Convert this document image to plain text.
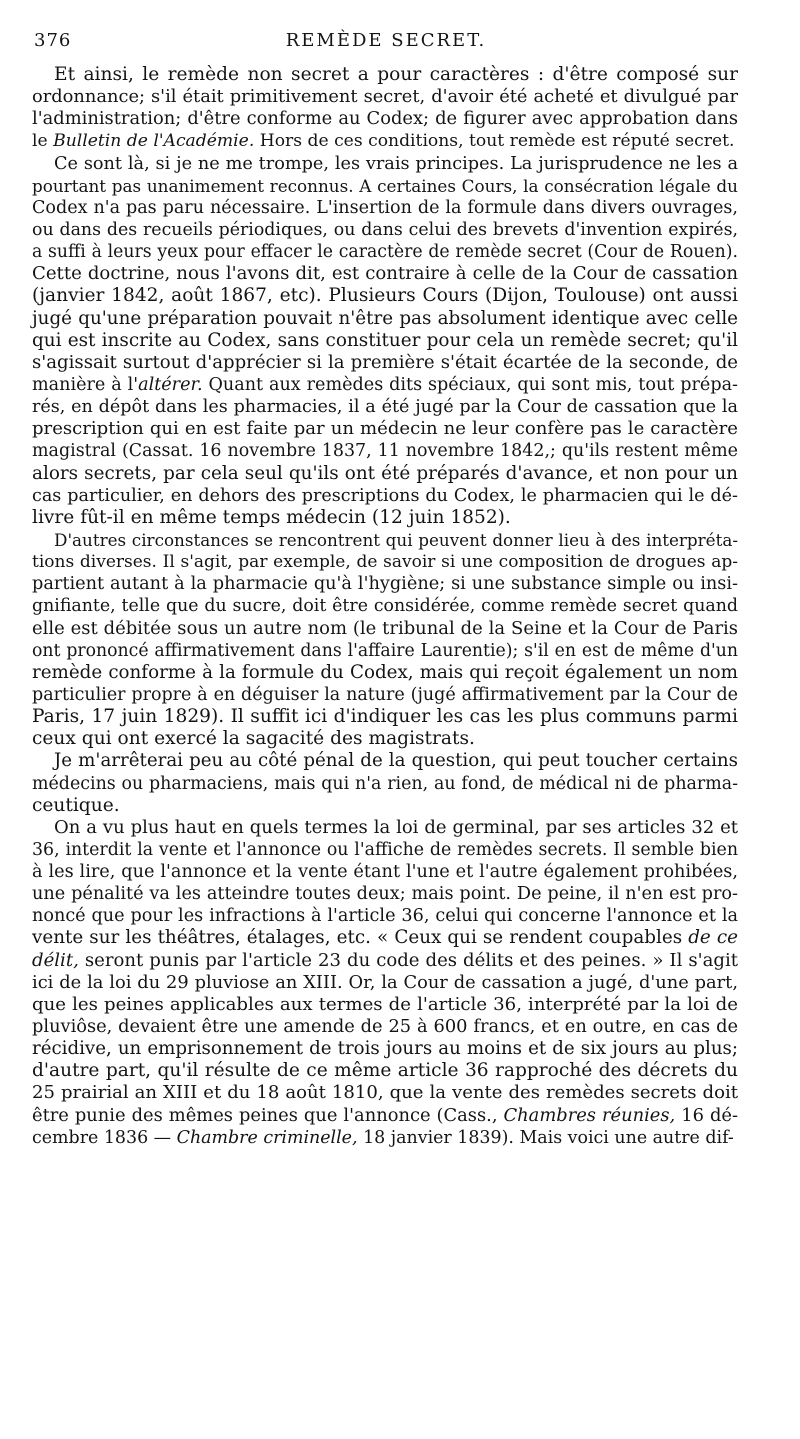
376	REMÈDE SECRET.
Et ainsi, le remède non secret a pour caractères : d'être composé sur
ordonnance; s'il était primitivement secret, d'avoir été acheté et divulgué par
l'administration; d'être conforme au Codex; de figurer avec approbation dans
le Bulletin de l'Académie. Hors de ces conditions, tout remède est réputé secret.
Ce sont là, si je ne me trompe, les vrais principes. La jurisprudence ne les a
pourtant pas unanimement reconnus. A certaines Cours, la consécration légale du
Codex n'a pas paru nécessaire. L'insertion de la formule dans divers ouvrages,
ou dans des recueils périodiques, ou dans celui des brevets d'invention expirés,
a suffi à leurs yeux pour effacer le caractère de remède secret (Cour de Rouen).
Cette doctrine, nous l'avons dit, est contraire à celle de la Cour de cassation
(janvier 1842, août 1867, etc). Plusieurs Cours (Dijon, Toulouse) ont aussi
jugé qu'une préparation pouvait n'être pas absolument identique avec celle
qui est inscrite au Codex, sans constituer pour cela un remède secret; qu'il
s'agissait surtout d'apprécier si la première s'était écartée de la seconde, de
manière à l'altérer. Quant aux remèdes dits spéciaux, qui sont mis, tout prépa-
rés, en dépôt dans les pharmacies, il a été jugé par la Cour de cassation que la
prescription qui en est faite par un médecin ne leur confère pas le caractère
magistral (Cassat. 16 novembre 1837, 11 novembre 1842,; qu'ils restent même
alors secrets, par cela seul qu'ils ont été préparés d'avance, et non pour un
cas particulier, en dehors des prescriptions du Codex, le pharmacien qui le dé-
livre fût-il en même temps médecin (12 juin 1852).
D'autres circonstances se rencontrent qui peuvent donner lieu à des interpréta-
tions diverses. Il s'agit, par exemple, de savoir si une composition de drogues ap-
partient autant à la pharmacie qu'à l'hygiène; si une substance simple ou insi-
gnifiante, telle que du sucre, doit être considérée, comme remède secret quand
elle est débitée sous un autre nom (le tribunal de la Seine et la Cour de Paris
ont prononcé affirmativement dans l'affaire Laurentie); s'il en est de même d'un
remède conforme à la formule du Codex, mais qui reçoit également un nom
particulier propre à en déguiser la nature (jugé affirmativement par la Cour de
Paris, 17 juin 1829). Il suffit ici d'indiquer les cas les plus communs parmi
ceux qui ont exercé la sagacité des magistrats.
Je m'arrêterai peu au côté pénal de la question, qui peut toucher certains
médecins ou pharmaciens, mais qui n'a rien, au fond, de médical ni de pharma-
ceutique.
On a vu plus haut en quels termes la loi de germinal, par ses articles 32 et
36, interdit la vente et l'annonce ou l'affiche de remèdes secrets. Il semble bien
à les lire, que l'annonce et la vente étant l'une et l'autre également prohibées,
une pénalité va les atteindre toutes deux; mais point. De peine, il n'en est pro-
noncé que pour les infractions à l'article 36, celui qui concerne l'annonce et la
vente sur les théâtres, étalages, etc. « Ceux qui se rendent coupables de ce
délit, seront punis par l'article 23 du code des délits et des peines. » Il s'agit
ici de la loi du 29 pluviose an XIII. Or, la Cour de cassation a jugé, d'une part,
que les peines applicables aux termes de l'article 36, interprété par la loi de
pluviôse, devaient être une amende de 25 à 600 francs, et en outre, en cas de
récidive, un emprisonnement de trois jours au moins et de six jours au plus;
d'autre part, qu'il résulte de ce même article 36 rapproché des décrets du
25 prairial an XIII et du 18 août 1810, que la vente des remèdes secrets doit
être punie des mêmes peines que l'annonce (Cass., Chambres réunies, 16 dé-
cembre 1836 — Chambre criminelle, 18 janvier 1839). Mais voici une autre dif-
